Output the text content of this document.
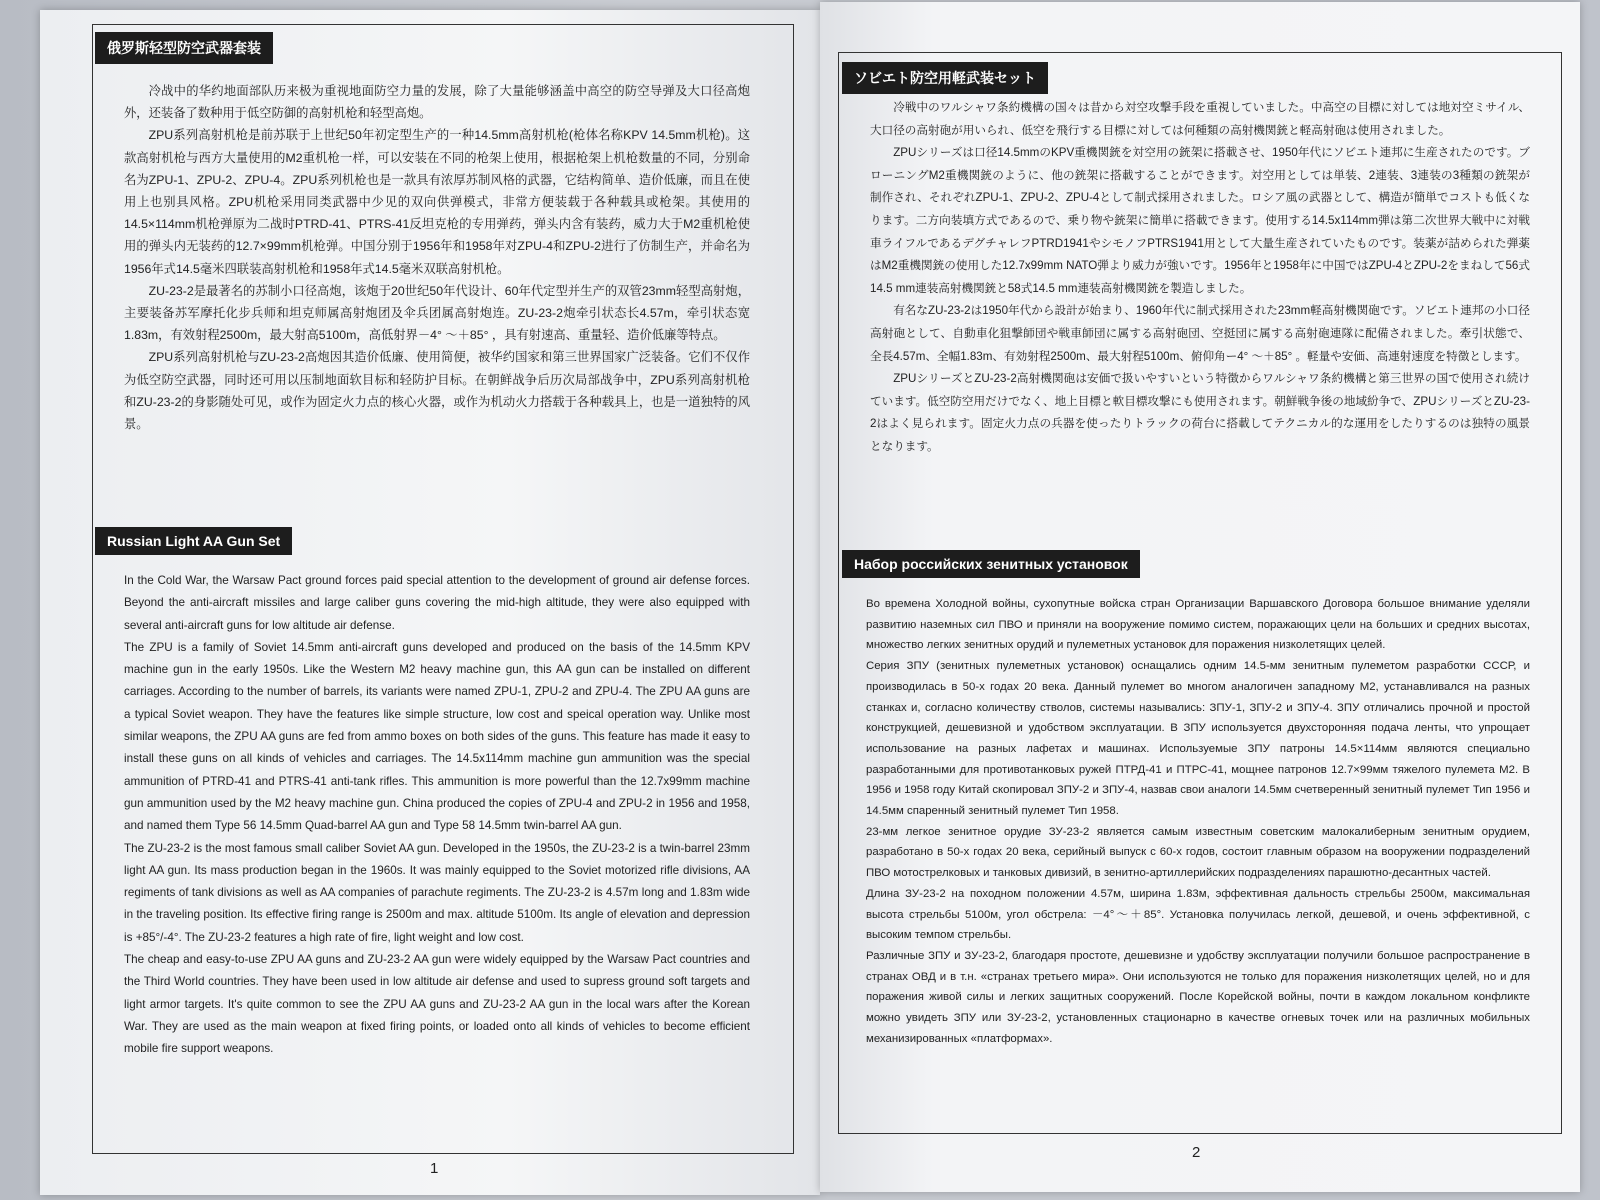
俄罗斯轻型防空武器套装

冷战中的华约地面部队历来极为重视地面防空力量的发展，除了大量能够涵盖中高空的防空导弹及大口径高炮外，还装备了数种用于低空防御的高射机枪和轻型高炮。

ZPU系列高射机枪是前苏联于上世纪50年初定型生产的一种14.5mm高射机枪(枪体名称KPV 14.5mm机枪)。这款高射机枪与西方大量使用的M2重机枪一样，可以安装在不同的枪架上使用，根据枪架上机枪数量的不同，分别命名为ZPU-1、ZPU-2、ZPU-4。ZPU系列机枪也是一款具有浓厚苏制风格的武器，它结构简单、造价低廉，而且在使用上也别具风格。ZPU机枪采用同类武器中少见的双向供弹模式，非常方便装载于各种载具或枪架。其使用的14.5×114mm机枪弹原为二战时PTRD-41、PTRS-41反坦克枪的专用弹药，弹头内含有装药，威力大于M2重机枪使用的弹头内无装药的12.7×99mm机枪弹。中国分别于1956年和1958年对ZPU-4和ZPU-2进行了仿制生产，并命名为1956年式14.5毫米四联装高射机枪和1958年式14.5毫米双联高射机枪。

ZU-23-2是最著名的苏制小口径高炮，该炮于20世纪50年代设计、60年代定型并生产的双管23mm轻型高射炮，主要装备苏军摩托化步兵师和坦克师属高射炮团及伞兵团属高射炮连。ZU-23-2炮牵引状态长4.57m，牵引状态宽1.83m，有效射程2500m，最大射高5100m，高低射界－4° ～＋85° ，具有射速高、重量轻、造价低廉等特点。

ZPU系列高射机枪与ZU-23-2高炮因其造价低廉、使用简便，被华约国家和第三世界国家广泛装备。它们不仅作为低空防空武器，同时还可用以压制地面软目标和轻防护目标。在朝鲜战争后历次局部战争中，ZPU系列高射机枪和ZU-23-2的身影随处可见，或作为固定火力点的核心火器，或作为机动火力搭载于各种载具上，也是一道独特的风景。

Russian Light AA Gun Set

In the Cold War, the Warsaw Pact ground forces paid special attention to the development of ground air defense forces. Beyond the anti-aircraft missiles and large caliber guns covering the mid-high altitude, they were also equipped with several anti-aircraft guns for low altitude air defense.

The ZPU is a family of Soviet 14.5mm anti-aircraft guns developed and produced on the basis of the 14.5mm KPV machine gun in the early 1950s. Like the Western M2 heavy machine gun, this AA gun can be installed on different carriages. According to the number of barrels, its variants were named ZPU-1, ZPU-2 and ZPU-4. The ZPU AA guns are a typical Soviet weapon. They have the features like simple structure, low cost and speical operation way. Unlike most similar weapons, the ZPU AA guns are fed from ammo boxes on both sides of the guns. This feature has made it easy to install these guns on all kinds of vehicles and carriages. The 14.5x114mm machine gun ammunition was the special ammunition of PTRD-41 and PTRS-41 anti-tank rifles. This ammunition is more powerful than the 12.7x99mm machine gun ammunition used by the M2 heavy machine gun. China produced the copies of ZPU-4 and ZPU-2 in 1956 and 1958, and named them Type 56 14.5mm Quad-barrel AA gun and Type 58 14.5mm twin-barrel AA gun.

The ZU-23-2 is the most famous small caliber Soviet AA gun. Developed in the 1950s, the ZU-23-2 is a twin-barrel 23mm light AA gun. Its mass production began in the 1960s. It was mainly equipped to the Soviet motorized rifle divisions, AA regiments of tank divisions as well as AA companies of parachute regiments. The ZU-23-2 is 4.57m long and 1.83m wide in the traveling position. Its effective firing range is 2500m and max. altitude 5100m. Its angle of elevation and depression is +85°/-4°. The ZU-23-2 features a high rate of fire, light weight and low cost.

The cheap and easy-to-use ZPU AA guns and ZU-23-2 AA gun were widely equipped by the Warsaw Pact countries and the Third World countries. They have been used in low altitude air defense and used to supress ground soft targets and light armor targets. It's quite common to see the ZPU AA guns and ZU-23-2 AA gun in the local wars after the Korean War. They are used as the main weapon at fixed firing points, or loaded onto all kinds of vehicles to become efficient mobile fire support weapons.

1
ソビエト防空用軽武装セット

冷戦中のワルシャワ条約機構の国々は昔から対空攻撃手段を重視していました。中高空の目標に対しては地対空ミサイル、大口径の高射砲が用いられ、低空を飛行する目標に対しては何種類の高射機関銃と軽高射砲は使用されました。

ZPUシリーズは口径14.5mmのKPV重機関銃を対空用の銃架に搭載させ、1950年代にソビエト連邦に生産されたのです。ブローニングM2重機関銃のように、他の銃架に搭載することができます。対空用としては単装、2連装、3連装の3種類の銃架が制作され、それぞれZPU-1、ZPU-2、ZPU-4として制式採用されました。ロシア風の武器として、構造が簡単でコストも低くなります。二方向装填方式であるので、乗り物や銃架に簡単に搭載できます。使用する14.5x114mm弾は第二次世界大戦中に対戦車ライフルであるデグチャレフPTRD1941やシモノフPTRS1941用として大量生産されていたものです。装薬が詰められた弾薬はM2重機関銃の使用した12.7x99mm NATO弾より威力が強いです。1956年と1958年に中国ではZPU-4とZPU-2をまねして56式14.5 mm連装高射機関銃と58式14.5 mm連装高射機関銃を製造しました。

有名なZU-23-2は1950年代から設計が始まり、1960年代に制式採用された23mm軽高射機関砲です。ソビエト連邦の小口径高射砲として、自動車化狙撃師団や戦車師団に属する高射砲団、空挺団に属する高射砲連隊に配備されました。牽引状態で、全長4.57m、全幅1.83m、有効射程2500m、最大射程5100m、俯仰角ー4° ～＋85° 。軽量や安価、高連射速度を特徴とします。

ZPUシリーズとZU-23-2高射機関砲は安価で扱いやすいという特徴からワルシャワ条約機構と第三世界の国で使用され続けています。低空防空用だけでなく、地上目標と軟目標攻撃にも使用されます。朝鮮戦争後の地域紛争で、ZPUシリーズとZU-23-2はよく見られます。固定火力点の兵器を使ったりトラックの荷台に搭載してテクニカル的な運用をしたりするのは独特の風景となります。

Набор российских зенитных установок

Во времена Холодной войны, сухопутные войска стран Организации Варшавского Договора большое внимание уделяли развитию наземных сил ПВО и приняли на вооружение помимо систем, поражающих цели на больших и средних высотах, множество легких зенитных орудий и пулеметных установок для поражения низколетящих целей.

Серия ЗПУ (зенитных пулеметных установок) оснащались одним 14.5-мм зенитным пулеметом разработки СССР, и производилась в 50-х годах 20 века. Данный пулемет во многом аналогичен западному М2, устанавливался на разных станках и, согласно количеству стволов, системы назывались: ЗПУ-1, ЗПУ-2 и ЗПУ-4. ЗПУ отличались прочной и простой конструкцией, дешевизной и удобством эксплуатации. В ЗПУ используется двухсторонняя подача ленты, что упрощает использование на разных лафетах и машинах. Используемые ЗПУ патроны 14.5×114мм являются специально разработанными для противотанковых ружей ПТРД-41 и ПТРС-41, мощнее патронов 12.7×99мм тяжелого пулемета М2. В 1956 и 1958 году Китай скопировал ЗПУ-2 и ЗПУ-4, назвав свои аналоги 14.5мм счетверенный зенитный пулемет Тип 1956 и 14.5мм спаренный зенитный пулемет Тип 1958.

23-мм легкое зенитное орудие ЗУ-23-2 является самым известным советским малокалиберным зенитным орудием, разработано в 50-х годах 20 века, серийный выпуск с 60-х годов, состоит главным образом на вооружении подразделений ПВО мотострелковых и танковых дивизий, в зенитно-артиллерийских подразделениях парашютно-десантных частей.

Длина ЗУ-23-2 на походном положении 4.57м, ширина 1.83м, эффективная дальность стрельбы 2500м, максимальная высота стрельбы 5100м, угол обстрела: －4°～＋85°. Установка получилась легкой, дешевой, и очень эффективной, с высоким темпом стрельбы.

Различные ЗПУ и ЗУ-23-2, благодаря простоте, дешевизне и удобству эксплуатации получили большое распространение в странах ОВД и в т.н. «странах третьего мира». Они используются не только для поражения низколетящих целей, но и для поражения живой силы и легких защитных сооружений. После Корейской войны, почти в каждом локальном конфликте можно увидеть ЗПУ или ЗУ-23-2, установленных стационарно в качестве огневых точек или на различных мобильных механизированных «платформах».

2
